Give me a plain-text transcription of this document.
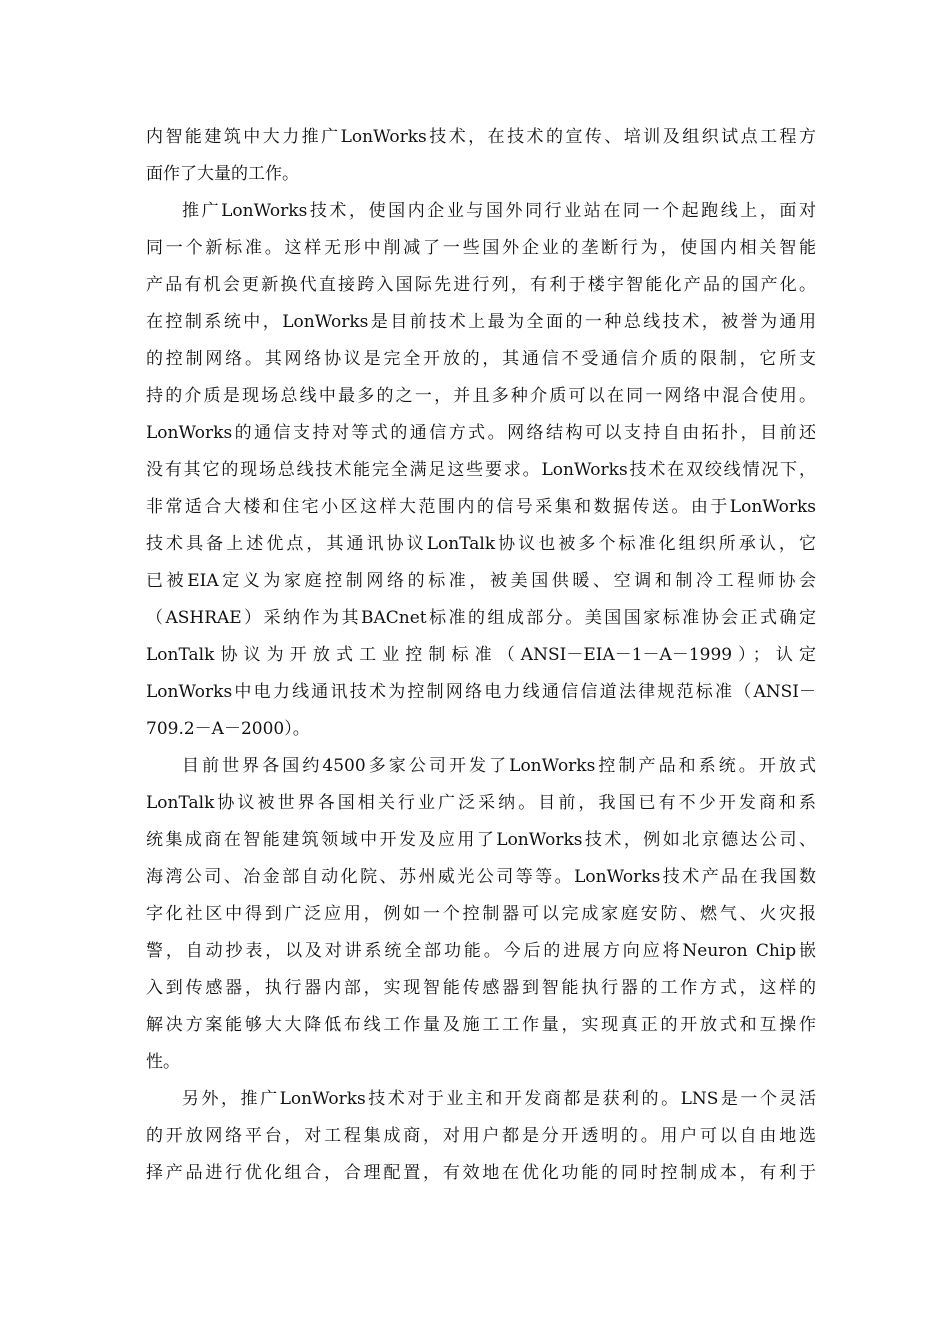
内智能建筑中大力推广LonWorks技术，在技术的宣传、培训及组织试点工程方
面作了大量的工作。
推广LonWorks技术，使国内企业与国外同行业站在同一个起跑线上，面对
同一个新标准。这样无形中削减了一些国外企业的垄断行为，使国内相关智能
产品有机会更新换代直接跨入国际先进行列，有利于楼宇智能化产品的国产化。
在控制系统中，LonWorks是目前技术上最为全面的一种总线技术，被誉为通用
的控制网络。其网络协议是完全开放的，其通信不受通信介质的限制，它所支
持的介质是现场总线中最多的之一，并且多种介质可以在同一网络中混合使用。
LonWorks的通信支持对等式的通信方式。网络结构可以支持自由拓扑，目前还
没有其它的现场总线技术能完全满足这些要求。LonWorks技术在双绞线情况下，
非常适合大楼和住宅小区这样大范围内的信号采集和数据传送。由于LonWorks
技术具备上述优点，其通讯协议LonTalk协议也被多个标准化组织所承认，它
已被EIA定义为家庭控制网络的标准，被美国供暖、空调和制冷工程师协会
（ASHRAE）采纳作为其BACnet标准的组成部分。美国国家标准协会正式确定
LonTalk协议为开放式工业控制标准（ANSI－EIA－1－A－1999）；认定
LonWorks中电力线通讯技术为控制网络电力线通信信道法律规范标准（ANSI－
709.2－A－2000）。
目前世界各国约4500多家公司开发了LonWorks控制产品和系统。开放式
LonTalk协议被世界各国相关行业广泛采纳。目前，我国已有不少开发商和系
统集成商在智能建筑领域中开发及应用了LonWorks技术，例如北京德达公司、
海湾公司、冶金部自动化院、苏州威光公司等等。LonWorks技术产品在我国数
字化社区中得到广泛应用，例如一个控制器可以完成家庭安防、燃气、火灾报
警，自动抄表，以及对讲系统全部功能。今后的进展方向应将Neuron Chip嵌
入到传感器，执行器内部，实现智能传感器到智能执行器的工作方式，这样的
解决方案能够大大降低布线工作量及施工工作量，实现真正的开放式和互操作
性。
另外，推广LonWorks技术对于业主和开发商都是获利的。LNS是一个灵活
的开放网络平台，对工程集成商，对用户都是分开透明的。用户可以自由地选
择产品进行优化组合，合理配置，有效地在优化功能的同时控制成本，有利于
